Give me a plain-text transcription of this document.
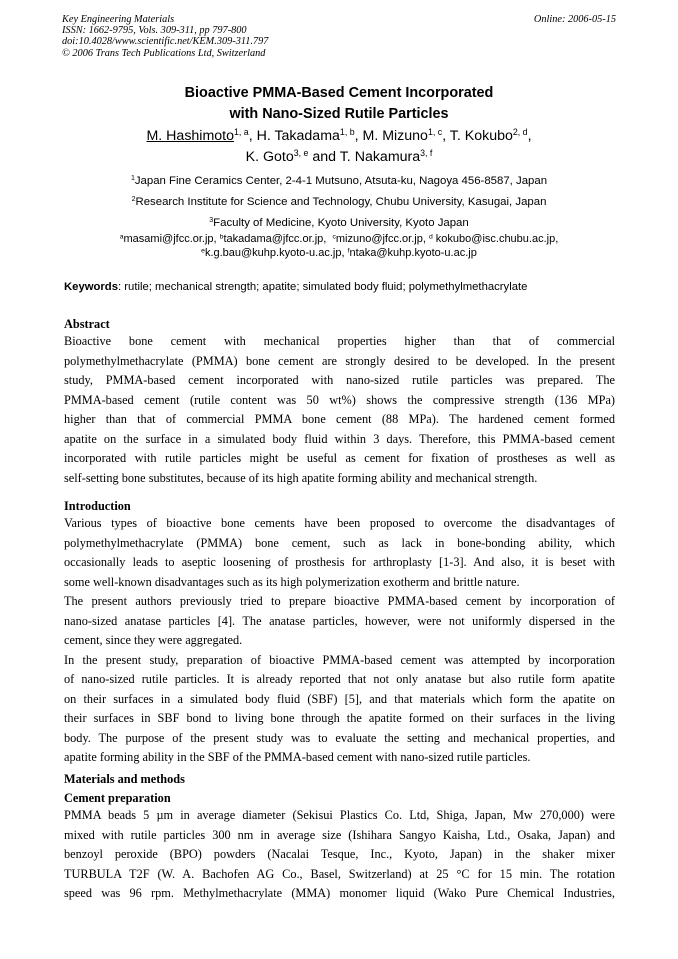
Key Engineering Materials
ISSN: 1662-9795, Vols. 309-311, pp 797-800
doi:10.4028/www.scientific.net/KEM.309-311.797
© 2006 Trans Tech Publications Ltd, Switzerland
Online: 2006-05-15
Bioactive PMMA-Based Cement Incorporated
with Nano-Sized Rutile Particles
M. Hashimoto$^{1, a}$, H. Takadama$^{1, b}$, M. Mizuno$^{1, c}$, T. Kokubo$^{2, d}$,
K. Goto$^{3, e}$ and T. Nakamura$^{3, f}$
$^1$Japan Fine Ceramics Center, 2-4-1 Mutsuno, Atsuta-ku, Nagoya 456-8587, Japan
$^2$Research Institute for Science and Technology, Chubu University, Kasugai, Japan
$^3$Faculty of Medicine, Kyoto University, Kyoto Japan
$^a$masami@jfcc.or.jp, $^b$takadama@jfcc.or.jp,  $^c$mizuno@jfcc.or.jp, $^d$ kokubo@isc.chubu.ac.jp,
$^e$k.g.bau@kuhp.kyoto-u.ac.jp, $^f$ntaka@kuhp.kyoto-u.ac.jp
Keywords: rutile; mechanical strength; apatite; simulated body fluid; polymethylmethacrylate
Abstract
Bioactive bone cement with mechanical properties higher than that of commercial
polymethylmethacrylate (PMMA) bone cement are strongly desired to be developed. In the present
study, PMMA-based cement incorporated with nano-sized rutile particles was prepared. The
PMMA-based cement (rutile content was 50 wt%) shows the compressive strength (136 MPa)
higher than that of commercial PMMA bone cement (88 MPa). The hardened cement formed
apatite on the surface in a simulated body fluid within 3 days. Therefore, this PMMA-based cement
incorporated with rutile particles might be useful as cement for fixation of prostheses as well as
self-setting bone substitutes, because of its high apatite forming ability and mechanical strength.
Introduction
Various types of bioactive bone cements have been proposed to overcome the disadvantages of
polymethylmethacrylate (PMMA) bone cement, such as lack in bone-bonding ability, which
occasionally leads to aseptic loosening of prosthesis for arthroplasty [1-3]. And also, it is beset with
some well-known disadvantages such as its high polymerization exotherm and brittle nature.
The present authors previously tried to prepare bioactive PMMA-based cement by incorporation of
nano-sized anatase particles [4]. The anatase particles, however, were not uniformly dispersed in the
cement, since they were aggregated.
In the present study, preparation of bioactive PMMA-based cement was attempted by incorporation
of nano-sized rutile particles. It is already reported that not only anatase but also rutile form apatite
on their surfaces in a simulated body fluid (SBF) [5], and that materials which form the apatite on
their surfaces in SBF bond to living bone through the apatite formed on their surfaces in the living
body. The purpose of the present study was to evaluate the setting and mechanical properties, and
apatite forming ability in the SBF of the PMMA-based cement with nano-sized rutile particles.
Materials and methods
Cement preparation
PMMA beads 5 µm in average diameter (Sekisui Plastics Co. Ltd, Shiga, Japan, Mw 270,000) were
mixed with rutile particles 300 nm in average size (Ishihara Sangyo Kaisha, Ltd., Osaka, Japan) and
benzoyl peroxide (BPO) powders (Nacalai Tesque, Inc., Kyoto, Japan) in the shaker mixer
TURBULA T2F (W. A. Bachofen AG Co., Basel, Switzerland) at 25 °C for 15 min. The rotation
speed was 96 rpm. Methylmethacrylate (MMA) monomer liquid (Wako Pure Chemical Industries,
